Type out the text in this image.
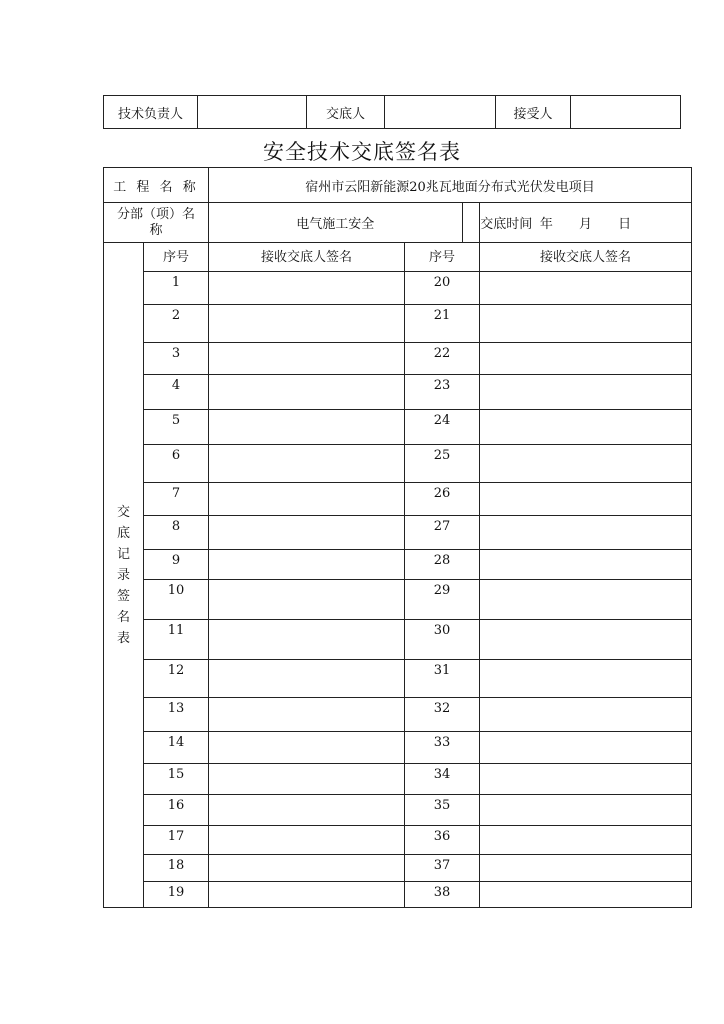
技术负责人		交底人		接受人	
安全技术交底签名表
工 程 名 称	宿州市云阳新能源20兆瓦地面分布式光伏发电项目
分部（项）名称		电气施工安全	交底时间
	年 月 日

交
底
记
录
签
名
表
	序号	接收交底人签名	序号	接收交底人签名
1		20	
2		21	
3		22	
4		23	
5		24	
6		25	
7		26	
8		27	
9		28	
10		29	
11		30	
12		31	
13		32	
14		33	
15		34	
16		35	
17		36	
18		37	
19		38	
